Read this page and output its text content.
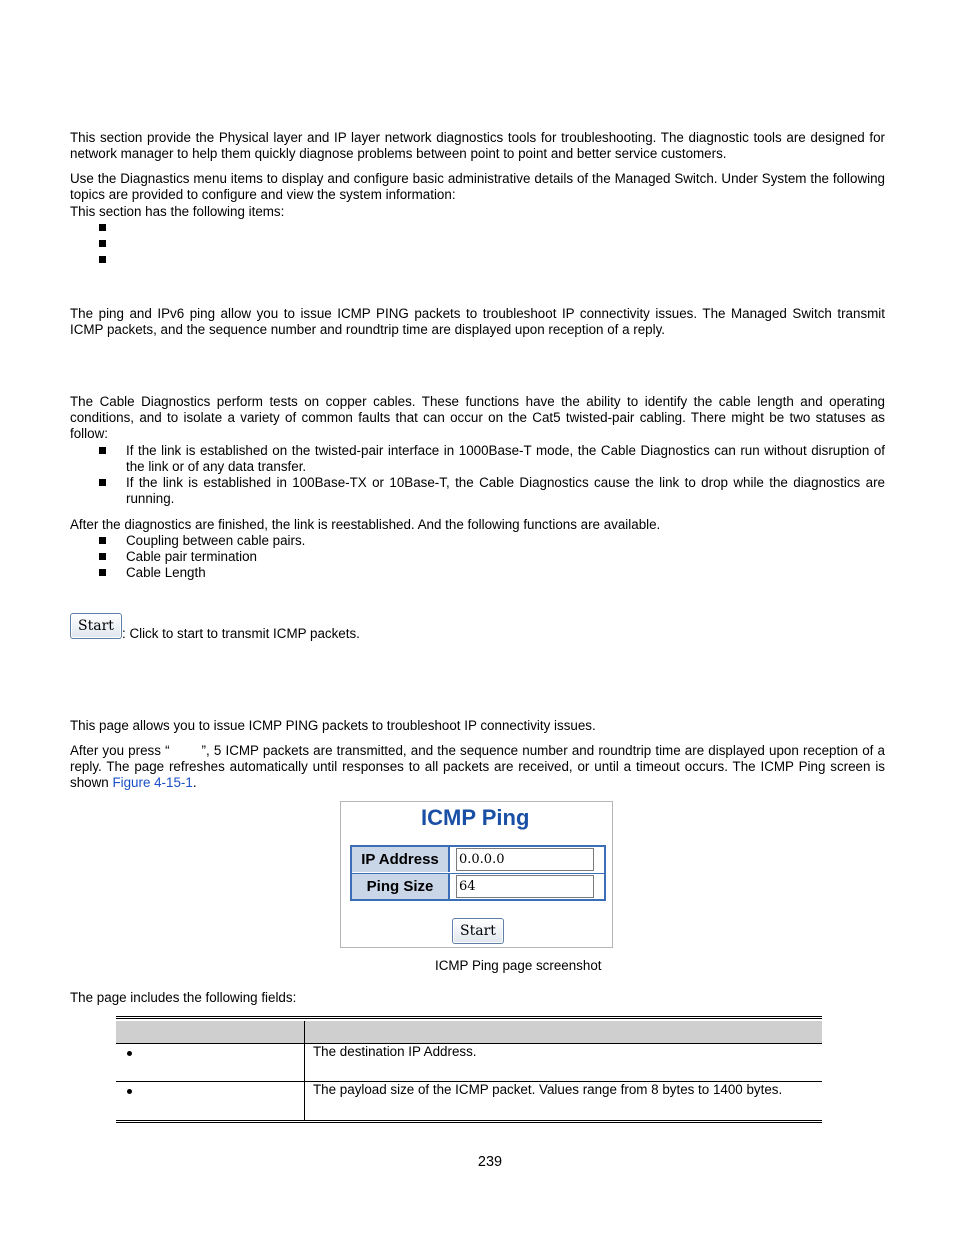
This section provide the Physical layer and IP layer network diagnostics tools for troubleshooting. The diagnostic tools are designed for network manager to help them quickly diagnose problems between point to point and better service customers.

Use the Diagnastics menu items to display and configure basic administrative details of the Managed Switch. Under System the following topics are provided to configure and view the system information:

This section has the following items:

The ping and IPv6 ping allow you to issue ICMP PING packets to troubleshoot IP connectivity issues. The Managed Switch transmit ICMP packets, and the sequence number and roundtrip time are displayed upon reception of a reply.

The Cable Diagnostics perform tests on copper cables. These functions have the ability to identify the cable length and operating conditions, and to isolate a variety of common faults that can occur on the Cat5 twisted-pair cabling. There might be two statuses as follow:

If the link is established on the twisted-pair interface in 1000Base-T mode, the Cable Diagnostics can run without disruption of the link or of any data transfer.
If the link is established in 100Base-TX or 10Base-T, the Cable Diagnostics cause the link to drop while the diagnostics are running.

After the diagnostics are finished, the link is reestablished. And the following functions are available.

Coupling between cable pairs.
Cable pair termination
Cable Length
Start : Click to start to transmit ICMP packets.

This page allows you to issue ICMP PING packets to troubleshoot IP connectivity issues.

After you press “ ”, 5 ICMP packets are transmitted, and the sequence number and roundtrip time are displayed upon reception of a reply. The page refreshes automatically until responses to all packets are received, or until a timeout occurs. The ICMP Ping screen is shown Figure 4-15-1.

ICMP Ping
IP Address
0.0.0.0
Ping Size
64
Start
ICMP Ping page screenshot

The page includes the following fields:

The destination IP Address.
The payload size of the ICMP packet. Values range from 8 bytes to 1400 bytes.
239
